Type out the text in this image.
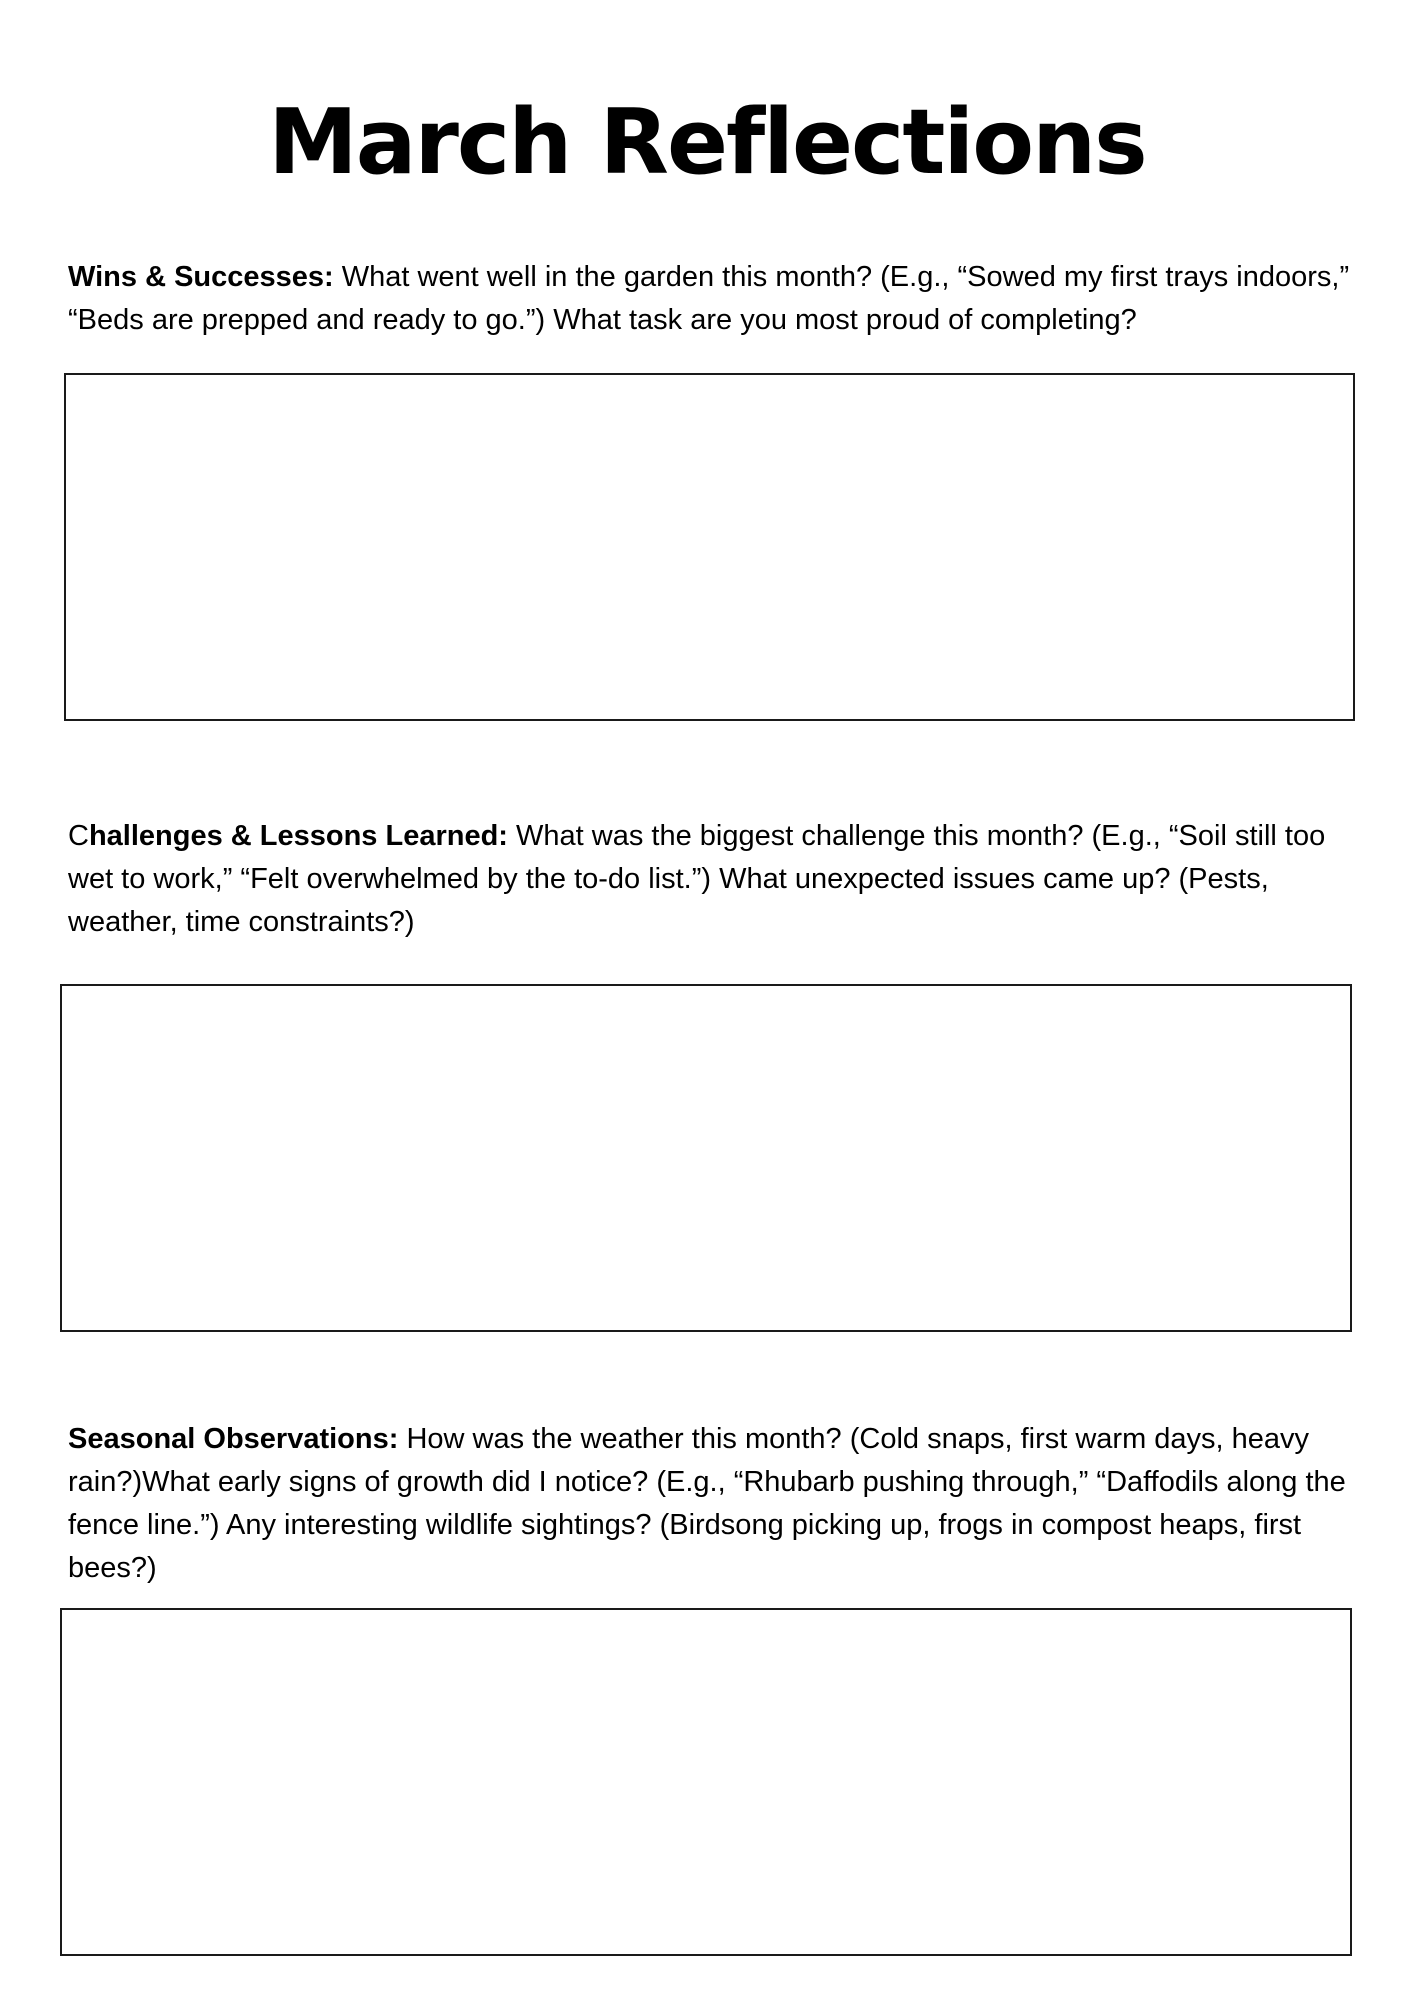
March Reflections

Wins & Successes: What went well in the garden this month? (E.g., “Sowed my first trays indoors,” “Beds are prepped and ready to go.”) What task are you most proud of completing?

Challenges & Lessons Learned: What was the biggest challenge this month? (E.g., “Soil still too wet to work,” “Felt overwhelmed by the to-do list.”) What unexpected issues came up? (Pests, weather, time constraints?)

Seasonal Observations: How was the weather this month? (Cold snaps, first warm days, heavy rain?)What early signs of growth did I notice? (E.g., “Rhubarb pushing through,” “Daffodils along the fence line.”) Any interesting wildlife sightings? (Birdsong picking up, frogs in compost heaps, first bees?)
